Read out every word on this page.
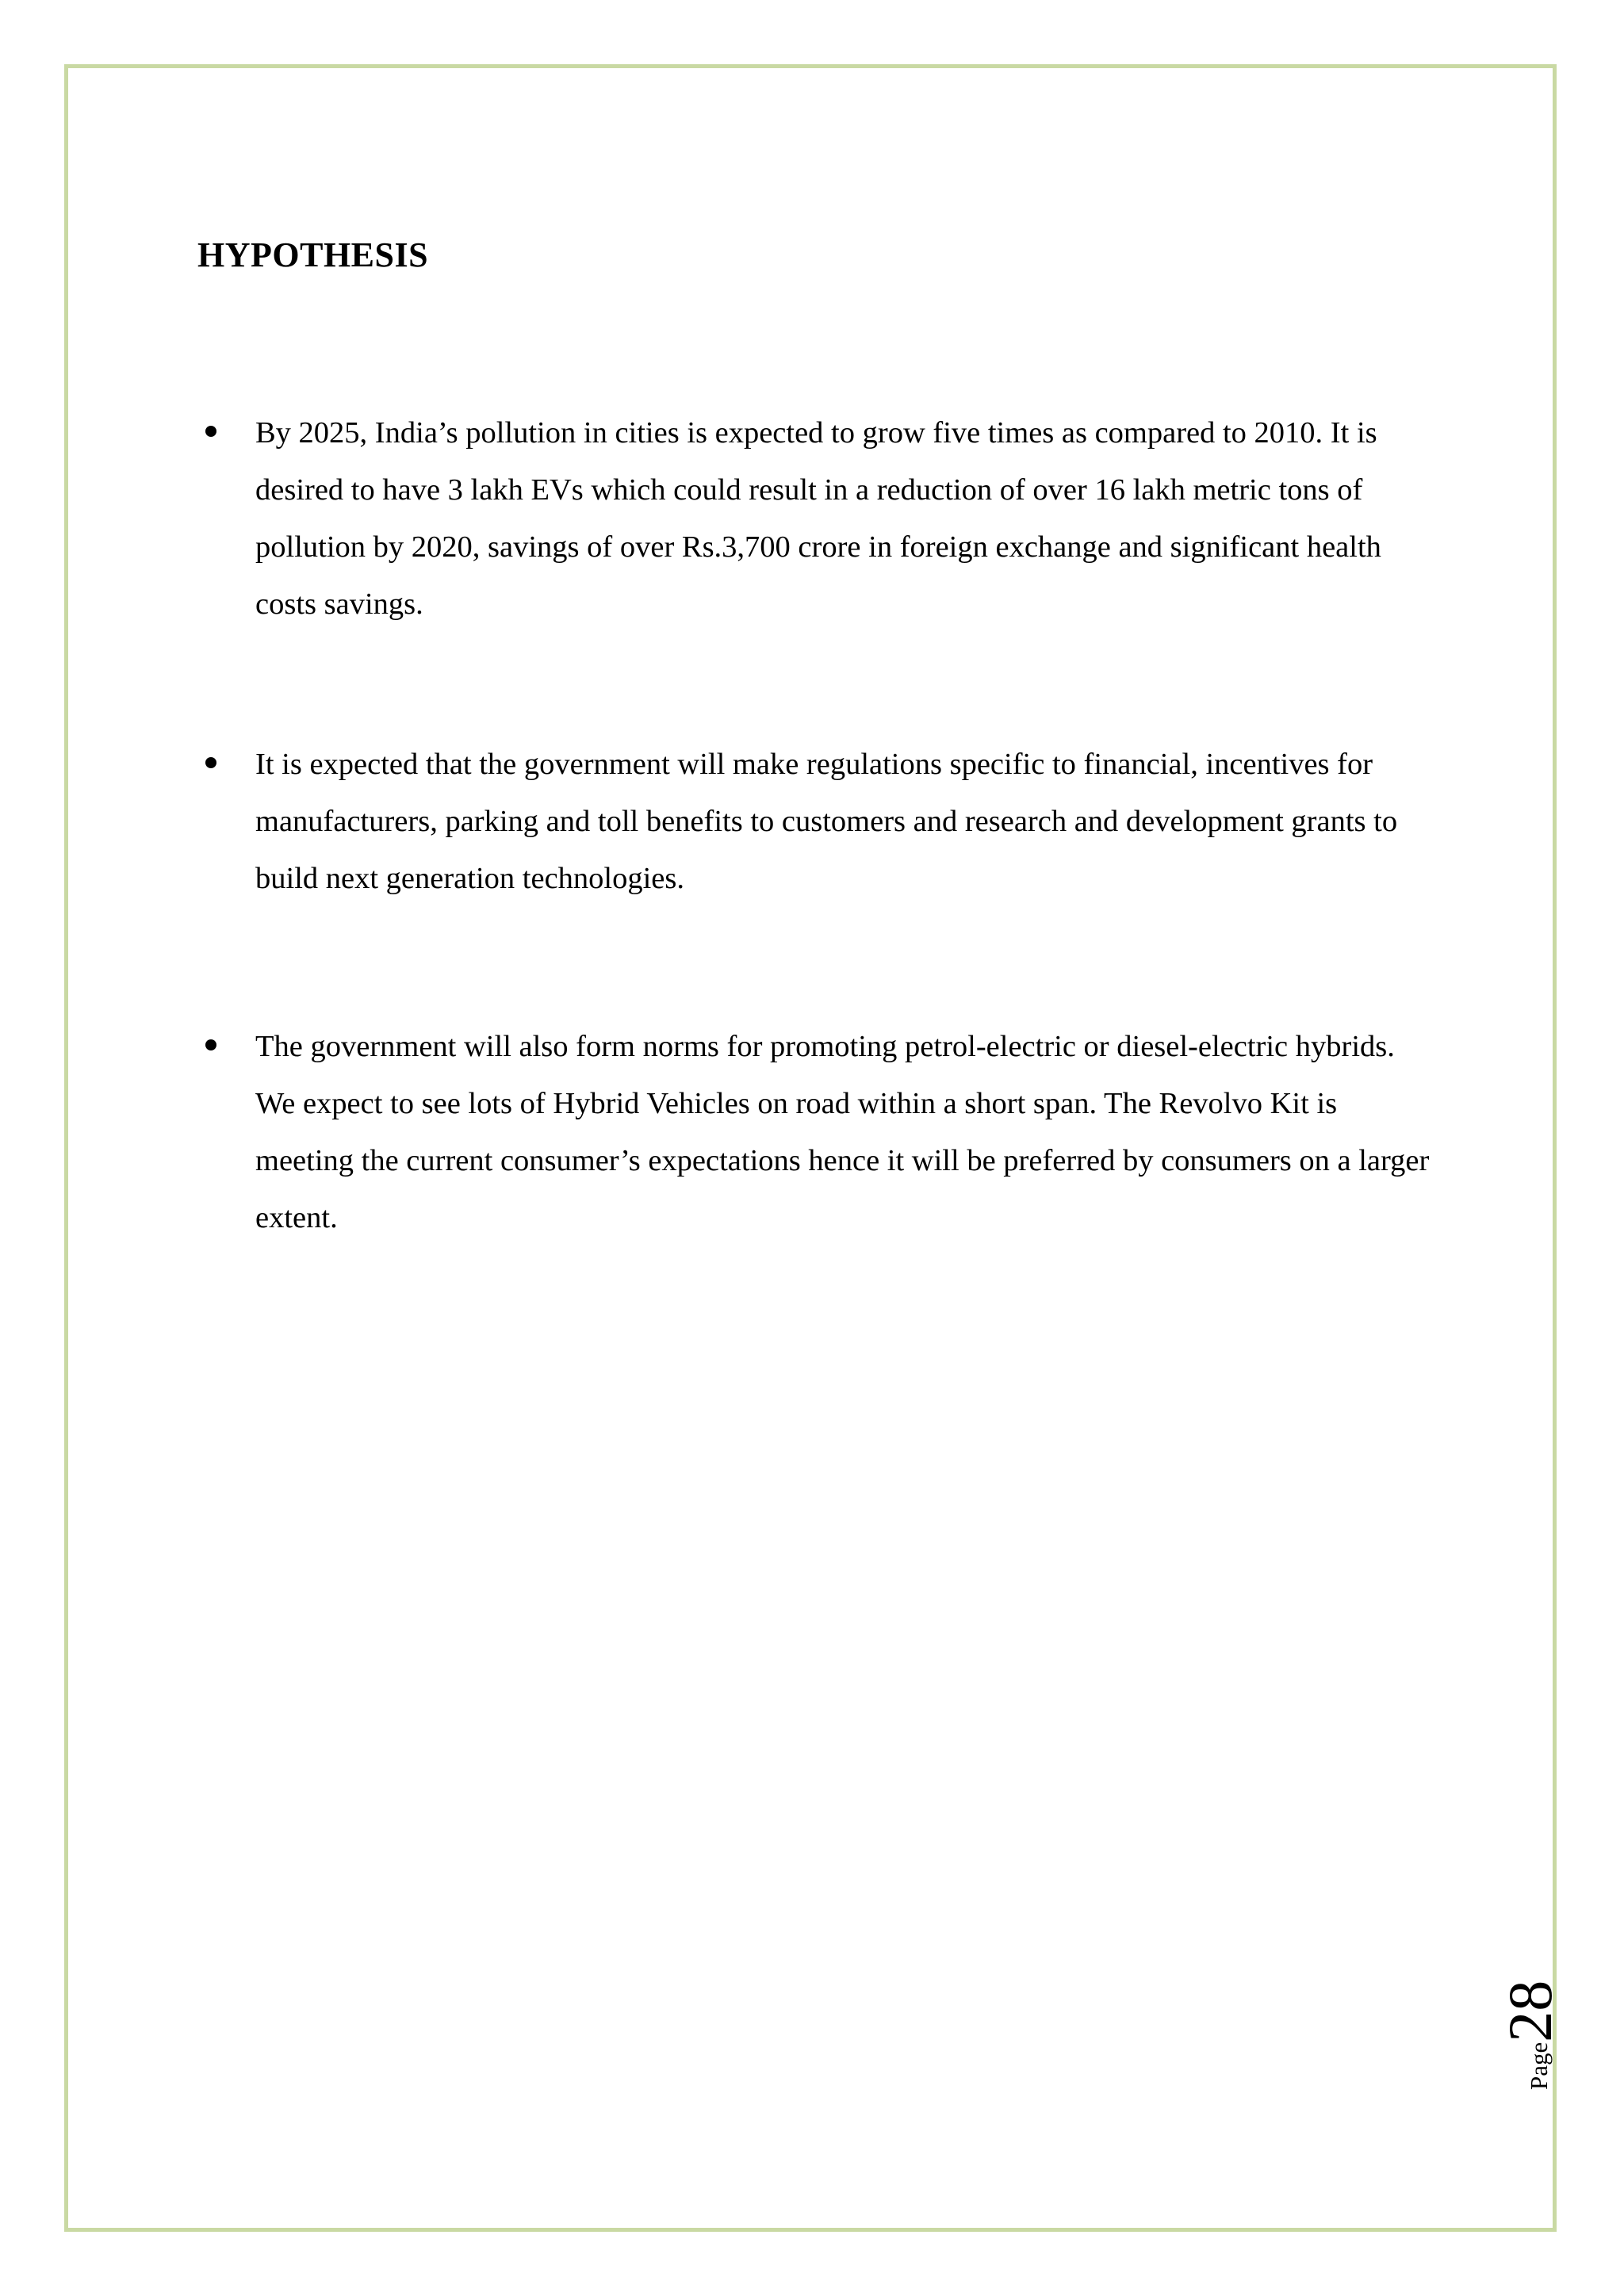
HYPOTHESIS
By 2025, India’s pollution in cities is expected to grow five times as compared to 2010. It is desired to have 3 lakh EVs which could result in a reduction of over 16 lakh metric tons of pollution by 2020, savings of over Rs.3,700 crore in foreign exchange and significant health costs savings.
It is expected that the government will make regulations specific to financial, incentives for manufacturers, parking and toll benefits to customers and research and development grants to build next generation technologies.
The government will also form norms for promoting petrol-electric or diesel-electric hybrids. We expect to see lots of Hybrid Vehicles on road within a short span. The Revolvo Kit is meeting the current consumer’s expectations hence it will be preferred by consumers on a larger extent.
Page
28
